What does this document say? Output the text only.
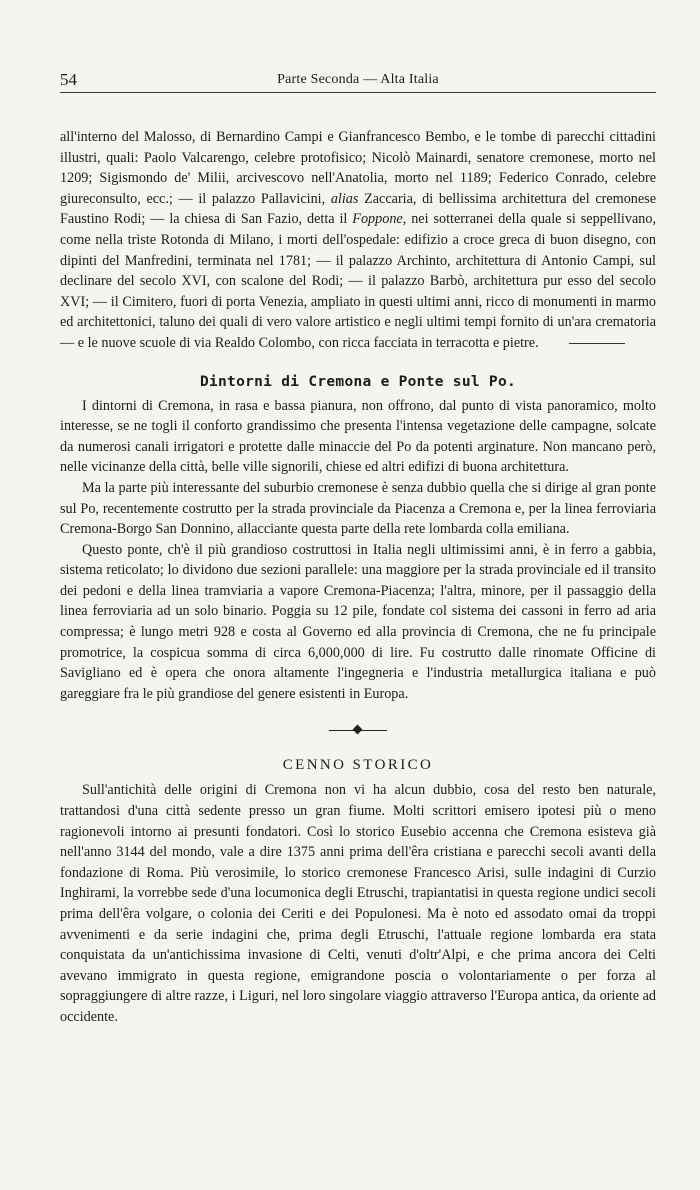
54	Parte Seconda — Alta Italia

all'interno del Malosso, di Bernardino Campi e Gianfrancesco Bembo, e le tombe di parecchi cittadini illustri, quali: Paolo Valcarengo, celebre protofisico; Nicolò Mainardi, senatore cremonese, morto nel 1209; Sigismondo de' Milii, arcivescovo nell'Anatolia, morto nel 1189; Federico Conrado, celebre giureconsulto, ecc.; — il palazzo Pallavicini, alias Zaccaria, di bellissima architettura del cremonese Faustino Rodi; — la chiesa di San Fazio, detta il Foppone, nei sotterranei della quale si seppellivano, come nella triste Rotonda di Milano, i morti dell'ospedale: edifizio a croce greca di buon disegno, con dipinti del Manfredini, terminata nel 1781; — il palazzo Archinto, architettura di Antonio Campi, sul declinare del secolo XVI, con scalone del Rodi; — il palazzo Barbò, architettura pur esso del secolo XVI; — il Cimitero, fuori di porta Venezia, ampliato in questi ultimi anni, ricco di monumenti in marmo ed architettonici, taluno dei quali di vero valore artistico e negli ultimi tempi fornito di un'ara crematoria — e le nuove scuole di via Realdo Colombo, con ricca facciata in terracotta e pietre.

Dintorni di Cremona e Ponte sul Po.

I dintorni di Cremona, in rasa e bassa pianura, non offrono, dal punto di vista panoramico, molto interesse, se ne togli il conforto grandissimo che presenta l'intensa vegetazione delle campagne, solcate da numerosi canali irrigatori e protette dalle minaccie del Po da potenti arginature. Non mancano però, nelle vicinanze della città, belle ville signorili, chiese ed altri edifizi di buona architettura.

Ma la parte più interessante del suburbio cremonese è senza dubbio quella che si dirige al gran ponte sul Po, recentemente costrutto per la strada provinciale da Piacenza a Cremona e, per la linea ferroviaria Cremona-Borgo San Donnino, allacciante questa parte della rete lombarda colla emiliana.

Questo ponte, ch'è il più grandioso costruttosi in Italia negli ultimissimi anni, è in ferro a gabbia, sistema reticolato; lo dividono due sezioni parallele: una maggiore per la strada provinciale ed il transito dei pedoni e della linea tramviaria a vapore Cremona-Piacenza; l'altra, minore, per il passaggio della linea ferroviaria ad un solo binario. Poggia su 12 pile, fondate col sistema dei cassoni in ferro ad aria compressa; è lungo metri 928 e costa al Governo ed alla provincia di Cremona, che ne fu principale promotrice, la cospicua somma di circa 6,000,000 di lire. Fu costrutto dalle rinomate Officine di Savigliano ed è opera che onora altamente l'ingegneria e l'industria metallurgica italiana e può gareggiare fra le più grandiose del genere esistenti in Europa.

CENNO STORICO

Sull'antichità delle origini di Cremona non vi ha alcun dubbio, cosa del resto ben naturale, trattandosi d'una città sedente presso un gran fiume. Molti scrittori emisero ipotesi più o meno ragionevoli intorno ai presunti fondatori. Così lo storico Eusebio accenna che Cremona esisteva già nell'anno 3144 del mondo, vale a dire 1375 anni prima dell'êra cristiana e parecchi secoli avanti della fondazione di Roma. Più verosimile, lo storico cremonese Francesco Arisi, sulle indagini di Curzio Inghirami, la vorrebbe sede d'una locumonica degli Etruschi, trapiantatisi in questa regione undici secoli prima dell'êra volgare, o colonia dei Ceriti e dei Populonesi. Ma è noto ed assodato omai da troppi avvenimenti e da serie indagini che, prima degli Etruschi, l'attuale regione lombarda era stata conquistata da un'antichissima invasione di Celti, venuti d'oltr'Alpi, e che prima ancora dei Celti avevano immigrato in questa regione, emigrandone poscia o volontariamente o per forza al sopraggiungere di altre razze, i Liguri, nel loro singolare viaggio attraverso l'Europa antica, da oriente ad occidente.
